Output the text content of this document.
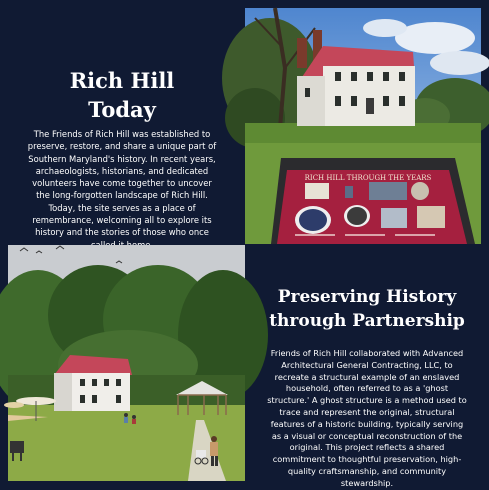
Rich Hill
Today

The Friends of Rich Hill was established to preserve, restore, and share a unique part of Southern Maryland's history. In recent years, archaeologists, historians, and dedicated volunteers have come together to uncover the long-forgotten landscape of Rich Hill. Today, the site serves as a place of remembrance, welcoming all to explore its history and the stories of those who once

RICH HILL THROUGH THE YEARS
Preserving History
through Partnership

Friends of Rich Hill collaborated with Advanced Architectural General Contracting, LLC, to recreate a structural example of an enslaved household, often referred to as a 'ghost structure.' A ghost structure is a method used to trace and represent the original, structural features of a historic building, typically serving as a visual or conceptual reconstruction of the original. This project reflects a shared commitment to thoughtful preservation, high-quality craftsmanship, and community stewardship.
